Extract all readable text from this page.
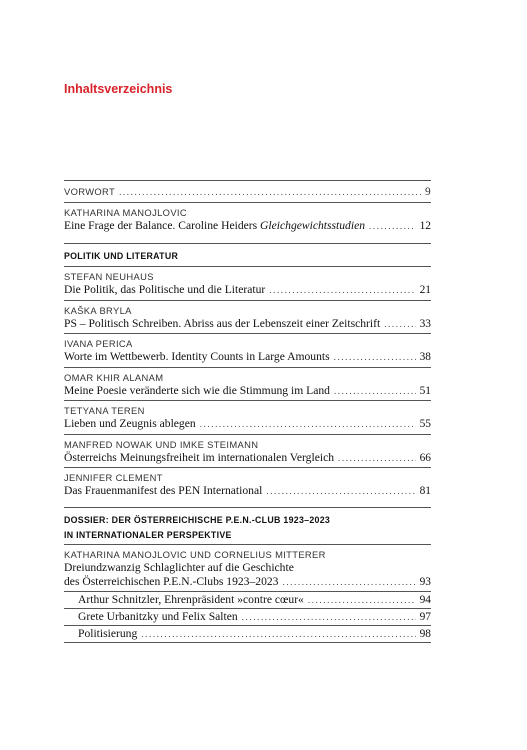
Inhaltsverzeichnis
VORWORT .....	9
KATHARINA MANOJLOVIC
Eine Frage der Balance. Caroline Heiders Gleichgewichtsstudien .....	12
POLITIK UND LITERATUR
STEFAN NEUHAUS
Die Politik, das Politische und die Literatur .....	21
KAŠKA BRYLA
PS – Politisch Schreiben. Abriss aus der Lebenszeit einer Zeitschrift .....	33
IVANA PERICA
Worte im Wettbewerb. Identity Counts in Large Amounts .....	38
OMAR KHIR ALANAM
Meine Poesie veränderte sich wie die Stimmung im Land .....	51
TETYANA TEREN
Lieben und Zeugnis ablegen .....	55
MANFRED NOWAK UND IMKE STEIMANN
Österreichs Meinungsfreiheit im internationalen Vergleich .....	66
JENNIFER CLEMENT
Das Frauenmanifest des PEN International .....	81
DOSSIER: DER ÖSTERREICHISCHE P.E.N.-CLUB 1923–2023
IN INTERNATIONALER PERSPEKTIVE
KATHARINA MANOJLOVIC UND CORNELIUS MITTERER
Dreiundzwanzig Schlaglichter auf die Geschichte
des Österreichischen P.E.N.-Clubs 1923–2023 .....	93
Arthur Schnitzler, Ehrenpräsident »contre cœur« .....	94
Grete Urbanitzky und Felix Salten .....	97
Politisierung .....	98
